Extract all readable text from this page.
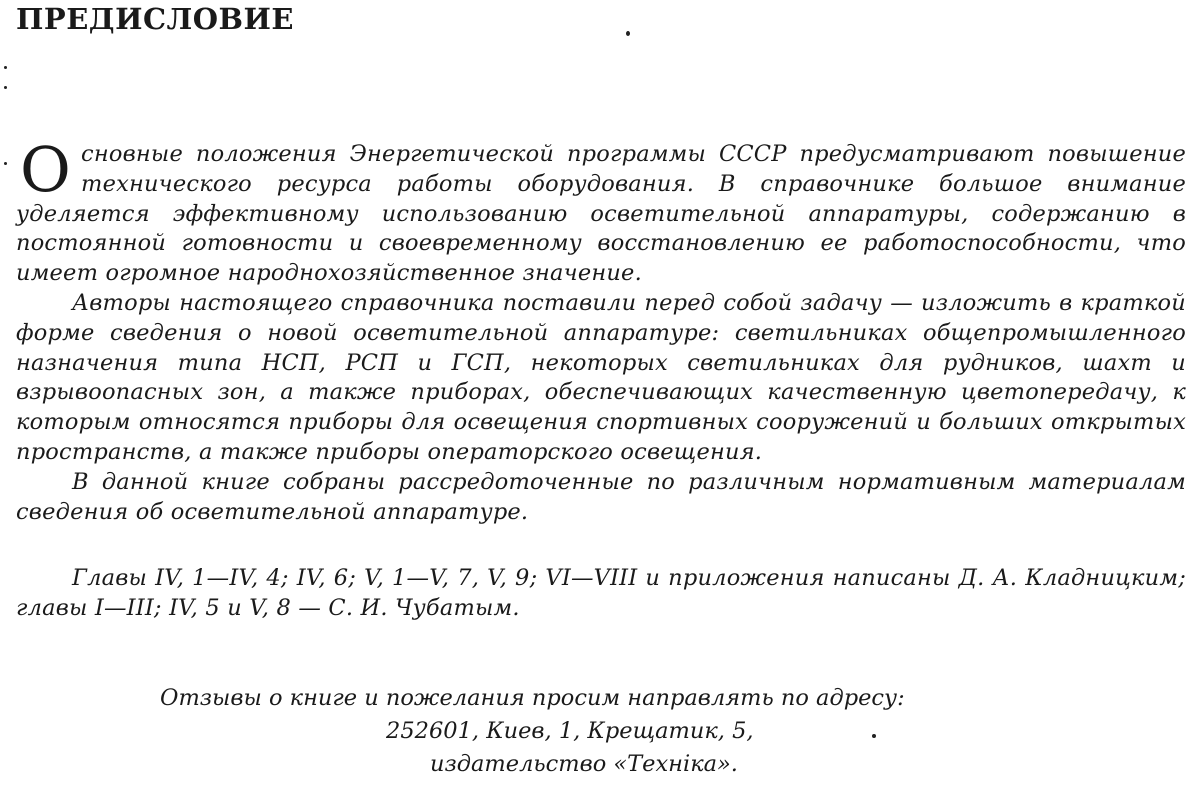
ПРЕДИСЛОВИЕ

Основные положения Энергетической программы СССР предусматривают повышение технического ресурса работы оборудования. В справочнике большое внимание уделяется эффективному использованию осветительной аппаратуры, содержанию в постоянной готовности и своевременному восстановлению ее работоспособности, что имеет огромное народнохозяйственное значение.

Авторы настоящего справочника поставили перед собой задачу — изложить в краткой форме сведения о новой осветительной аппаратуре: светильниках общепромышленного назначения типа НСП, РСП и ГСП, некоторых светильниках для рудников, шахт и взрывоопасных зон, а также приборах, обеспечивающих качественную цветопередачу, к которым относятся приборы для освещения спортивных сооружений и больших открытых пространств, а также приборы операторского освещения.

В данной книге собраны рассредоточенные по различным нормативным материалам сведения об осветительной аппаратуре.

Главы IV, 1—IV, 4; IV, 6; V, 1—V, 7, V, 9; VI—VIII и приложения написаны Д. А. Кладницким; главы I—III; IV, 5 и V, 8 — С. И. Чубатым.

Отзывы о книге и пожелания просим направлять по адресу:
252601, Киев, 1, Крещатик, 5,
издательство «Техніка».
